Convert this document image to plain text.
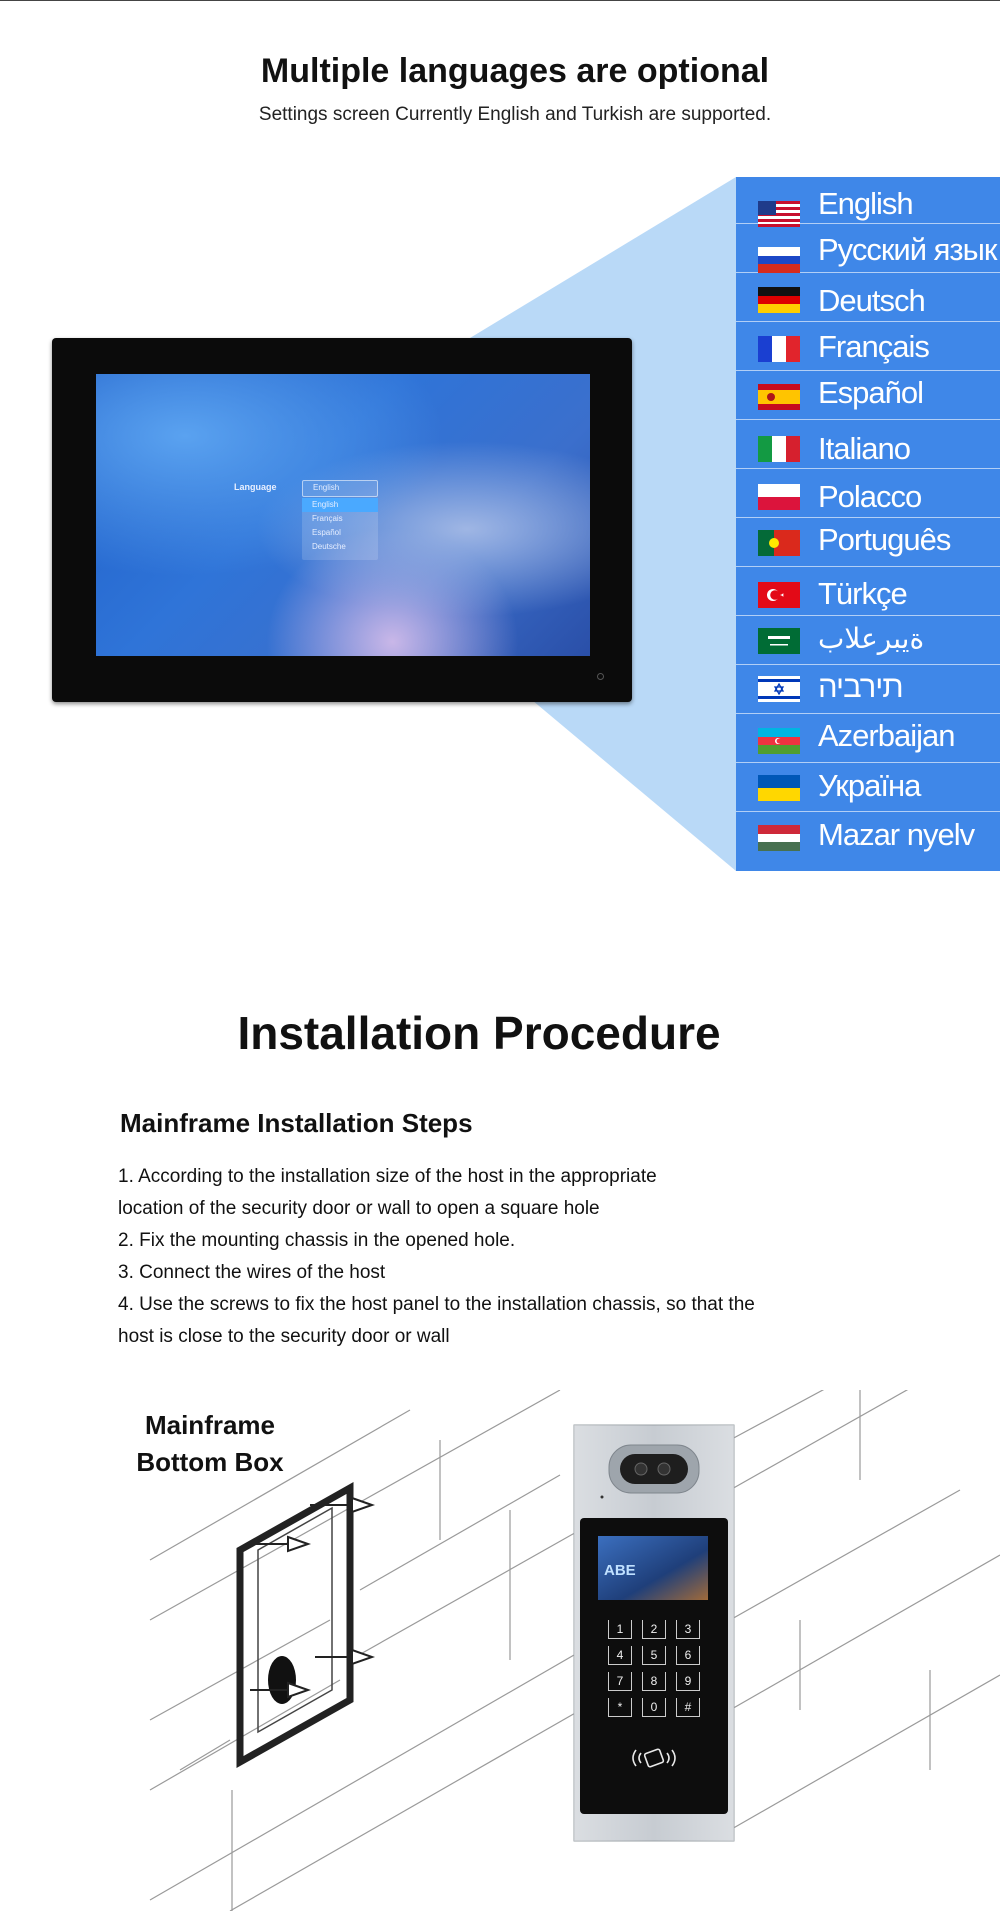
Multiple languages are optional
Settings screen Currently English and Turkish are supported.
Language	English
English
Français
Español
Deutsche
English
Русский язык
Deutsch
Français
Español
Italiano
Polacco
Português
Türkçe
ةيبرعلاب
תירביה
Azerbaijan
Україна
Mazar nyelv
Installation Procedure
Mainframe Installation Steps
1. According to the installation size of the host in the appropriate
location of the security door or wall to open a square hole
2. Fix the mounting chassis in the opened hole.
3. Connect the wires of the host
4. Use the screws to fix the host panel to the installation chassis, so that the
host is close to the security door or wall
ABE
1	2	3
4	5	6
7	8	9
*	0	#
Mainframe
Bottom Box
